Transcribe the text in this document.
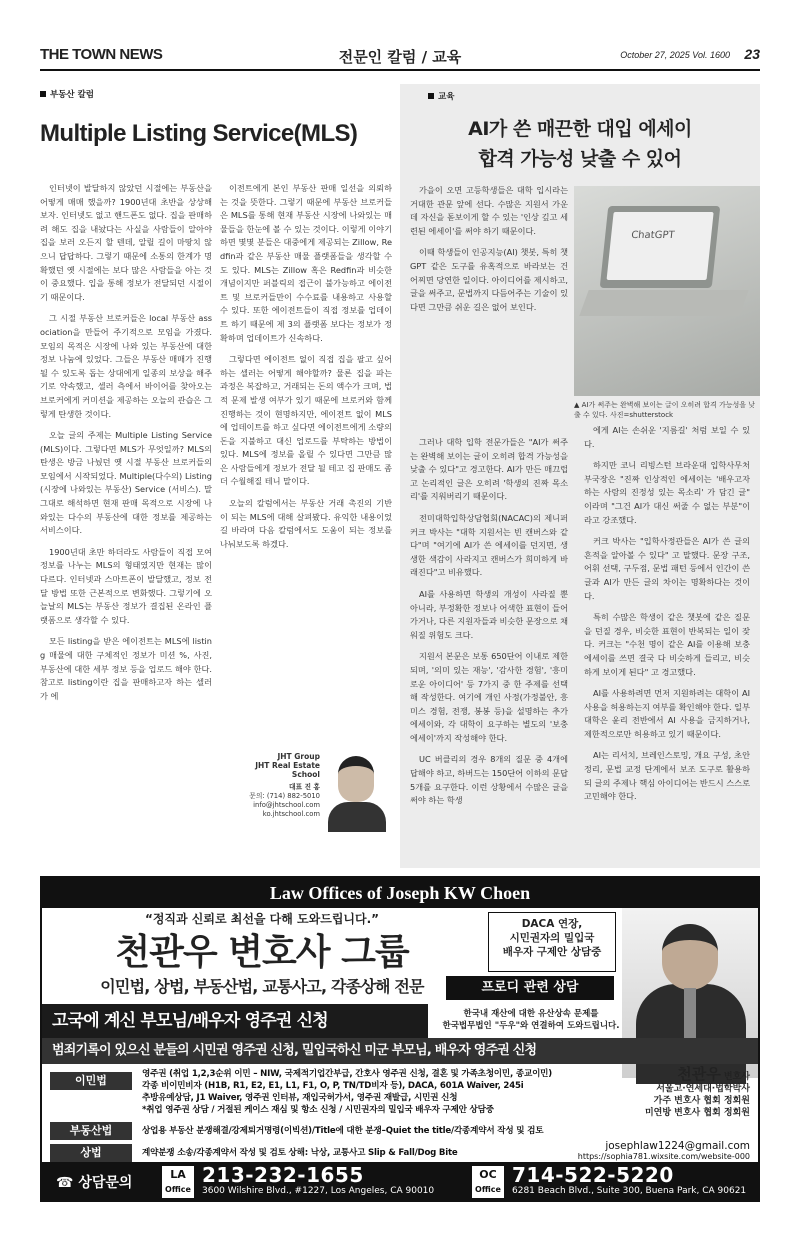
전문인 칼럼 / 교육
THE TOWN NEWS	October 27, 2025 Vol. 1600 23
부동산 칼럼
Multiple Listing Service(MLS)

인터넷이 발달하지 않았던 시절에는 부동산을 어떻게 매매 했을까? 1900년대 초반을 상상해보자. 인터넷도 없고 핸드폰도 없다. 집을 판매하려 해도 집을 내놨다는 사실을 사람들이 알아야 집을 보러 오든지 할 텐데, 알릴 길이 마땅치 않으니 답답하다. 그렇기 때문에 소통의 한계가 명확했던 옛 시절에는 보다 많은 사람들을 아는 것이 중요했다. 입을 통해 정보가 전달되던 시절이기 때문이다.

그 시절 부동산 브로커들은 local 부동산 association을 만들어 주기적으로 모임을 가졌다. 모임의 목적은 시장에 나와 있는 부동산에 대한 정보 나눔에 있었다. 그들은 부동산 매매가 진행될 수 있도록 돕는 상대에게 일종의 보상을 해주기로 약속했고, 셀러 측에서 바이어를 찾아오는 브로커에게 커미션을 제공하는 오늘의 관습은 그렇게 탄생한 것이다.

오늘 글의 주제는 Multiple Listing Service(MLS)이다. 그렇다면 MLS가 무엇일까? MLS의 탄생은 방금 나눴던 옛 시절 부동산 브로커들의 모임에서 시작되었다. Multiple(다수의) Listing(시장에 나와있는 부동산) Service (서비스). 말 그대로 해석하면 현재 판매 목적으로 시장에 나와있는 다수의 부동산에 대한 정보를 제공하는 서비스이다.

1900년대 초만 하더라도 사람들이 직접 모여 정보를 나누는 MLS의 형태였지만 현재는 많이 다르다. 인터넷과 스마트폰이 발달했고, 정보 전달 방법 또한 근본적으로 변화했다. 그렇기에 오늘날의 MLS는 부동산 정보가 결집된 온라인 플랫폼으로 생각할 수 있다.

모든 listing을 받은 에이전트는 MLS에 listing 매물에 대한 구체적인 정보가 미션 %, 사진, 부동산에 대한 세부 정보 등을 업로드 해야 한다. 참고로 listing이란 집을 판매하고자 하는 셀러가 에

이전트에게 본인 부동산 판매 일선을 의뢰하는 것을 뜻한다. 그렇기 때문에 부동산 브로커들은 MLS를 통해 현재 부동산 시장에 나와있는 매물들을 한눈에 볼 수 있는 것이다. 이렇게 이야기 하면 몇몇 분들은 대중에게 제공되는 Zillow, Redfin과 같은 부동산 매물 플랫폼들을 생각할 수도 있다. MLS는 Zillow 혹은 Redfin과 비슷한 개념이지만 퍼블릭의 접근이 불가능하고 에이전트 및 브로커들만이 수수료를 내용하고 사용할 수 있다. 또한 에이전트들이 직접 정보를 업데이트 하기 때문에 제 3의 플랫폼 보다는 정보가 정확하며 업데이트가 신속하다.

그렇다면 에이전트 없이 직접 집을 팔고 싶어하는 셀러는 어떻게 해야할까? 물론 집을 파는 과정은 복잡하고, 거래되는 돈의 액수가 크며, 법적 문제 발생 여부가 있기 때문에 브로커와 함께 진행하는 것이 현명하지만, 에이전트 없이 MLS에 업데이트를 하고 싶다면 에이전트에게 소량의 돈을 지불하고 대신 업로드를 부탁하는 방법이 있다. MLS에 정보를 올릴 수 있다면 그만큼 많은 사람들에게 정보가 전달 될 테고 집 판매도 좀 더 수월해질 테니 말이다.

오늘의 칼럼에서는 부동산 거래 촉진의 기반이 되는 MLS에 대해 살펴봤다. 유익한 내용이었길 바라며 다음 칼럼에서도 도움이 되는 정보를 나눠보도록 하겠다.

JHT Group
JHT Real Estate School
대표 진 홍
문의: (714) 882-5010
info@jhtschool.com
ko.jhtschool.com
교육
AI가 쓴 매끈한 대입 에세이
합격 가능성 낮출 수 있어

가을이 오면 고등학생들은 대학 입시라는 거대한 관문 앞에 선다. 수많은 지원서 가운데 자신을 돋보이게 할 수 있는 '인상 깊고 세련된 에세이'를 써야 하기 때문이다.

이때 학생들이 인공지능(AI) 챗봇, 특히 챗GPT 같은 도구를 유혹적으로 바라보는 건 어찌면 당연한 일이다. 아이디어를 제시하고, 글을 써주고, 문법까지 다듬어주는 기술이 있다면 그만큼 쉬운 길은 없어 보인다.

ChatGPT
▲ AI가 써주는 완벽해 보이는 글이 오히려 합격 가능성을 낮출 수 있다. 사진=shutterstock

그러나 대학 입학 전문가들은 "AI가 써주는 완벽해 보이는 글이 오히려 합격 가능성을 낮출 수 있다"고 경고한다. AI가 만든 매끄럽고 논리적인 글은 오히려 '학생의 진짜 목소리'를 지워버리기 때문이다.

전미대학입학상담협회(NACAC)의 제니퍼 커크 박사는 "대학 지원서는 빈 캔버스와 같다"며 "여기에 AI가 쓴 에세이를 던지면, 생생한 색감이 사라지고 캔버스가 희미하게 바래진다"고 비유했다.

AI를 사용하면 학생의 개성이 사라질 뿐 아니라, 부정확한 정보나 어색한 표현이 들어가거나, 다른 지원자들과 비슷한 문장으로 채워질 위험도 크다.

지원서 본문은 보통 650단어 이내로 제한되며, '의미 있는 재능', '감사한 경험', '흥미로운 아이디어' 등 7가지 중 한 주제를 선택해 작성한다. 여기에 개인 사정(가정불안, 흥미스 경험, 전쟁, 봉봉 등)을 설명하는 추가 에세이와, 각 대학이 요구하는 별도의 '보충 에세이'까지 작성해야 한다.

UC 버클리의 경우 8개의 질문 중 4개에 답해야 하고, 하버드는 150단어 이하의 문답 5개를 요구한다. 이런 상황에서 수많은 글을 써야 하는 학생

에게 AI는 손쉬운 '지름길' 처럼 보일 수 있다.

하지만 코니 리빙스턴 브라운대 입학사무처 부국장은 "진짜 인상적인 에세이는 '배우고자 하는 사람의 진정성 있는 목소리' 가 담긴 글" 이라며 "그건 AI가 대신 써줄 수 없는 부분"이라고 강조했다.

커크 박사는 "입학사정관들은 AI가 쓴 글의 흔적을 알아볼 수 있다" 고 말했다. 문장 구조, 어휘 선택, 구두점, 문법 패턴 등에서 인간이 쓴 글과 AI가 만든 글의 차이는 명확하다는 것이다.

특히 수많은 학생이 같은 챗봇에 같은 질문을 던질 경우, 비슷한 표현이 반복되는 일이 잦다. 커크는 "수천 명이 같은 AI를 이용해 보충 에세이를 쓰면 결국 다 비슷하게 들리고, 비슷하게 보이게 된다" 고 경고했다.

AI를 사용하려면 먼저 지원하려는 대학이 AI 사용을 허용하는지 여부를 확인해야 한다. 일부 대학은 윤리 전반에서 AI 사용을 금지하거나, 제한적으로만 허용하고 있기 때문이다.

AI는 리서치, 브레인스토밍, 개요 구성, 초안 정리, 문법 교정 단계에서 보조 도구로 활용하되 글의 주제나 핵심 아이디어는 반드시 스스로 고민해야 한다.

Law Offices of Joseph KW Choen
“정직과 신뢰로 최선을 다해 도와드립니다.”
천관우 변호사 그룹
이민법, 상법, 부동산법, 교통사고, 각종상해 전문
DACA 연장,
시민권자의 밀입국
배우자 구제안 상담중
프로디 관련 상담
고국에 계신 부모님/배우자 영주권 신청	한국내 재산에 대한 유산상속 문제를
한국법무법인 "두우"와 연결하여 도와드립니다.
범죄기록이 있으신 분들의 시민권 영주권 신청, 밀입국하신 미군 부모님, 배우자 영주권 신청
이민법	영주권 (취업 1,2,3순위 이민 – NIW, 국제적기업간부급, 간호사 영주권 신청, 결혼 및 가족초청이민, 종교이민)
각종 비이민비자 (H1B, R1, E2, E1, L1, F1, O, P, TN/TD비자 등), DACA, 601A Waiver, 245i
추방유예상담, J1 Waiver, 영주권 인터뷰, 재입국허가서, 영주권 재발급, 시민권 신청
*취업 영주권 상담 / 거절된 케이스 재심 및 항소 신청 / 시민권자의 밀입국 배우자 구제안 상담중
부동산법	상업용 부동산 분쟁해결/강제퇴거명령(이빅션)/Title에 대한 분쟁–Quiet the title/각종계약서 작성 및 검토
상법	계약분쟁 소송/각종계약서 작성 및 검토 상해: 낙상, 교통사고 Slip & Fall/Dog Bite
천관우 변호사
서울고·연세대·법학박사
가주 변호사 협회 정회원
미연방 변호사 협회 정회원
josephlaw1224@gmail.com
https://sophia781.wixsite.com/website-000
☎ 상담문의
LA
Office
213-232-1655
3600 Wilshire Blvd., #1227, Los Angeles, CA 90010
OC
Office
714-522-5220
6281 Beach Blvd., Suite 300, Buena Park, CA 90621
